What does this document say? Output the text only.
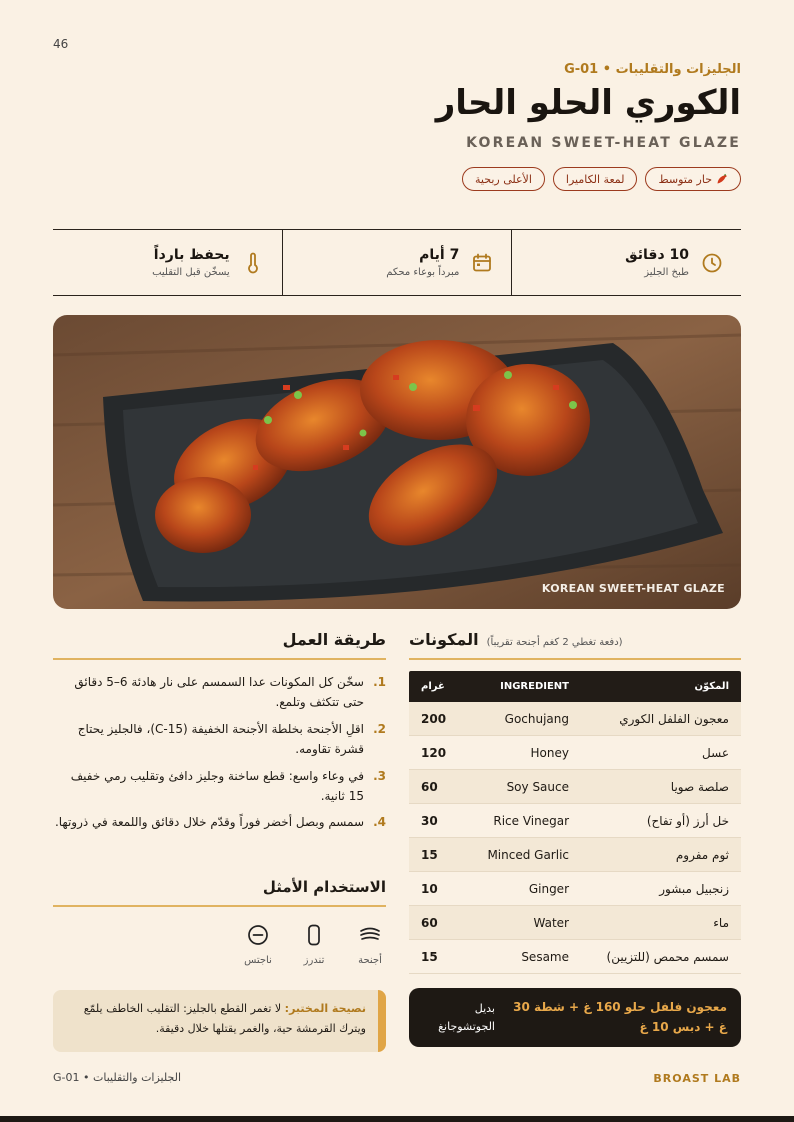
46
الجليزات والتقليبات • G-01
الكوري الحلو الحار
KOREAN SWEET-HEAT GLAZE
حار متوسط
لمعة الكاميرا
الأعلى ربحية
10 دقائق
طبخ الجليز
7 أيام
مبرداً بوعاء محكم
يحفظ بارداً
يسخّن قبل التقليب
KOREAN SWEET-HEAT GLAZE
المكونات (دفعة تغطي 2 كغم أجنحة تقريباً)
غرام	INGREDIENT	المكوّن
200	Gochujang	معجون الفلفل الكوري
120	Honey	عسل
60	Soy Sauce	صلصة صويا
30	Rice Vinegar	خل أرز (أو تفاح)
15	Minced Garlic	ثوم مفروم
10	Ginger	زنجبيل مبشور
60	Water	ماء
15	Sesame	سمسم محمص (للتزيين)
بديل الجوتشوجانغ
معجون فلفل حلو 160 غ + شطة 30 غ + دبس 10 غ
طريقة العمل
1.
سخّن كل المكونات عدا السمسم على نار هادئة 6–5 دقائق حتى تتكثف وتلمع.
2.
اقلِ الأجنحة بخلطة الأجنحة الخفيفة (C-15)، فالجليز يحتاج قشرة تقاومه.
3.
في وعاء واسع: قطع ساخنة وجليز دافئ وتقليب رمي خفيف 15 ثانية.
4.
سمسم وبصل أخضر فوراً وقدّم خلال دقائق واللمعة في ذروتها.
الاستخدام الأمثل
أجنحة
تندرز
ناجتس
نصيحة المختبر: لا تغمر القطع بالجليز: التقليب الخاطف يلمّع ويترك القرمشة حية، والغمر يقتلها خلال دقيقة.
الجليزات والتقليبات • G-01	BROAST LAB
